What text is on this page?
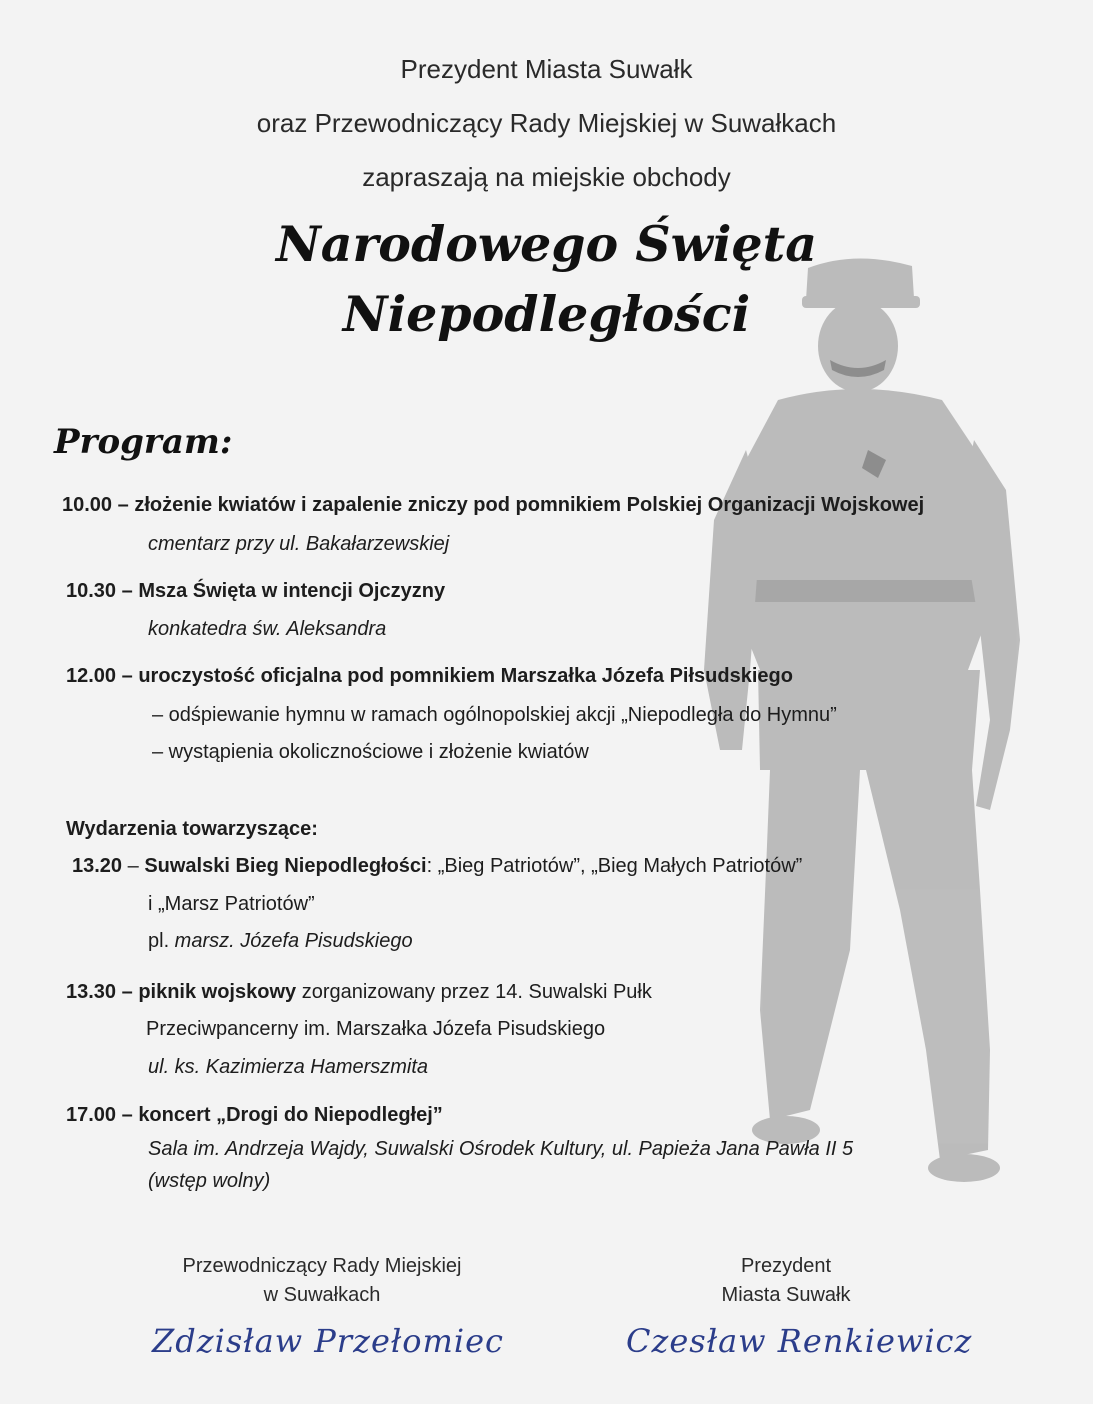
Prezydent Miasta Suwałk
oraz Przewodniczący Rady Miejskiej w Suwałkach
zapraszają na miejskie obchody
Narodowego Święta
Niepodległości
Program:
10.00 – złożenie kwiatów i zapalenie zniczy pod pomnikiem Polskiej Organizacji Wojskowej
cmentarz przy ul. Bakałarzewskiej
10.30 – Msza Święta w intencji Ojczyzny
konkatedra św. Aleksandra
12.00 – uroczystość oficjalna pod pomnikiem Marszałka Józefa Piłsudskiego
– odśpiewanie hymnu w ramach ogólnopolskiej akcji „Niepodległa do Hymnu”
– wystąpienia okolicznościowe i złożenie kwiatów
Wydarzenia towarzyszące:
13.20 – Suwalski Bieg Niepodległości: „Bieg Patriotów”, „Bieg Małych Patriotów”
i „Marsz Patriotów”
pl. marsz. Józefa Pisudskiego
13.30 – piknik wojskowy zorganizowany przez 14. Suwalski Pułk
Przeciwpancerny im. Marszałka Józefa Pisudskiego
ul. ks. Kazimierza Hamerszmita
17.00 – koncert „Drogi do Niepodległej”
Sala im. Andrzeja Wajdy, Suwalski Ośrodek Kultury, ul. Papieża Jana Pawła II 5
(wstęp wolny)
Przewodniczący Rady Miejskiej
w Suwałkach
Zdzisław Przełomiec
Prezydent
Miasta Suwałk
Czesław Renkiewicz
